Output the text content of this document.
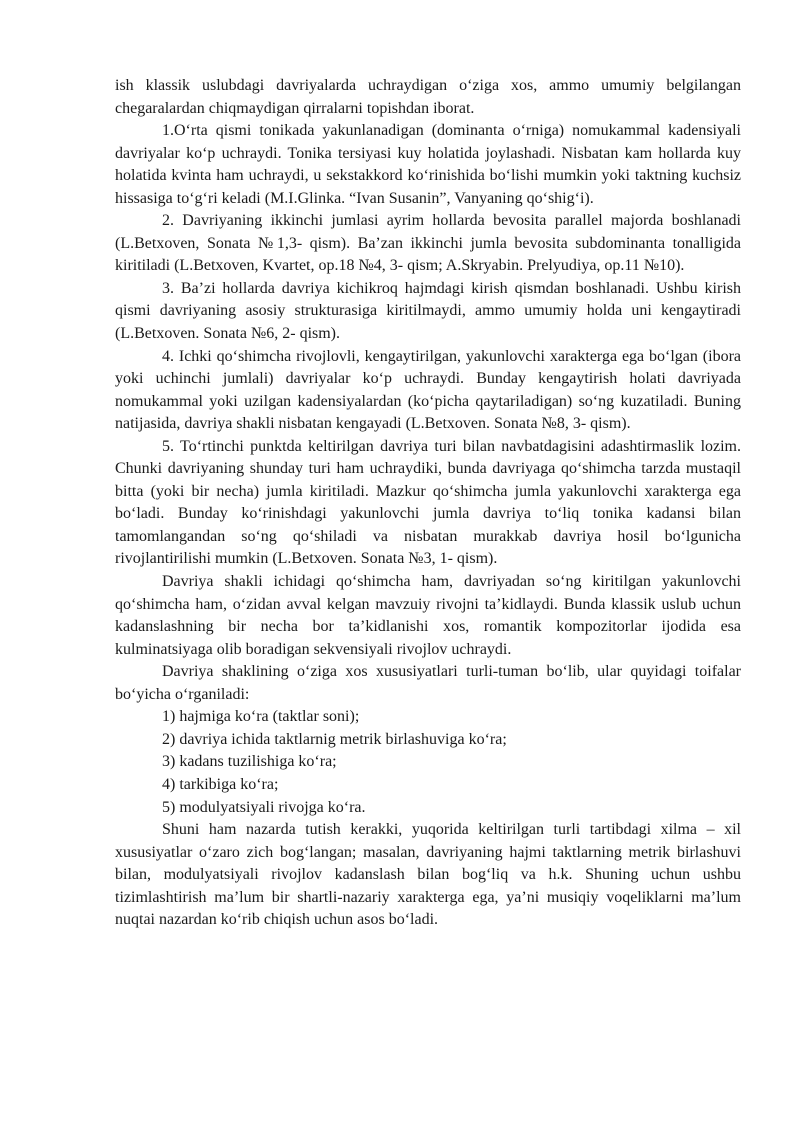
ish klassik uslubdagi davriyalarda uchraydigan o‘ziga xos, ammo umumiy belgilangan chegaralardan chiqmaydigan qirralarni topishdan iborat.

1.O‘rta qismi tonikada yakunlanadigan (dominanta o‘rniga) nomukammal kadensiyali davriyalar ko‘p uchraydi. Tonika tersiyasi kuy holatida joylashadi. Nisbatan kam hollarda kuy holatida kvinta ham uchraydi, u sekstakkord ko‘rinishida bo‘lishi mumkin yoki taktning kuchsiz hissasiga to‘g‘ri keladi (M.I.Glinka. “Ivan Susanin”, Vanyaning qo‘shig‘i).

2. Davriyaning ikkinchi jumlasi ayrim hollarda bevosita parallel majorda boshlanadi (L.Betxoven, Sonata №1,3- qism). Ba’zan ikkinchi jumla bevosita subdominanta tonalligida kiritiladi (L.Betxoven, Kvartet, op.18 №4, 3- qism; A.Skryabin. Prelyudiya, op.11 №10).

3. Ba’zi hollarda davriya kichikroq hajmdagi kirish qismdan boshlanadi. Ushbu kirish qismi davriyaning asosiy strukturasiga kiritilmaydi, ammo umumiy holda uni kengaytiradi (L.Betxoven. Sonata №6, 2- qism).

4. Ichki qo‘shimcha rivojlovli, kengaytirilgan, yakunlovchi xarakterga ega bo‘lgan (ibora yoki uchinchi jumlali) davriyalar ko‘p uchraydi. Bunday kengaytirish holati davriyada nomukammal yoki uzilgan kadensiyalardan (ko‘picha qaytariladigan) so‘ng kuzatiladi. Buning natijasida, davriya shakli nisbatan kengayadi (L.Betxoven. Sonata №8, 3- qism).

5. To‘rtinchi punktda keltirilgan davriya turi bilan navbatdagisini adashtirmaslik lozim. Chunki davriyaning shunday turi ham uchraydiki, bunda davriyaga qo‘shimcha tarzda mustaqil bitta (yoki bir necha) jumla kiritiladi. Mazkur qo‘shimcha jumla yakunlovchi xarakterga ega bo‘ladi. Bunday ko‘rinishdagi yakunlovchi jumla davriya to‘liq tonika kadansi bilan tamomlangandan so‘ng qo‘shiladi va nisbatan murakkab davriya hosil bo‘lgunicha rivojlantirilishi mumkin (L.Betxoven. Sonata №3, 1- qism).

Davriya shakli ichidagi qo‘shimcha ham, davriyadan so‘ng kiritilgan yakunlovchi qo‘shimcha ham, o‘zidan avval kelgan mavzuiy rivojni ta’kidlaydi. Bunda klassik uslub uchun kadanslashning bir necha bor ta’kidlanishi xos, romantik kompozitorlar ijodida esa kulminatsiyaga olib boradigan sekvensiyali rivojlov uchraydi.

Davriya shaklining o‘ziga xos xususiyatlari turli-tuman bo‘lib, ular quyidagi toifalar bo‘yicha o‘rganiladi:

1) hajmiga ko‘ra (taktlar soni);

2) davriya ichida taktlarnig metrik birlashuviga ko‘ra;

3) kadans tuzilishiga ko‘ra;

4) tarkibiga ko‘ra;

5) modulyatsiyali rivojga ko‘ra.

Shuni ham nazarda tutish kerakki, yuqorida keltirilgan turli tartibdagi xilma – xil xususiyatlar o‘zaro zich bog‘langan; masalan, davriyaning hajmi taktlarning metrik birlashuvi bilan, modulyatsiyali rivojlov kadanslash bilan bog‘liq va h.k. Shuning uchun ushbu tizimlashtirish ma’lum bir shartli-nazariy xarakterga ega, ya’ni musiqiy voqeliklarni ma’lum nuqtai nazardan ko‘rib chiqish uchun asos bo‘ladi.
